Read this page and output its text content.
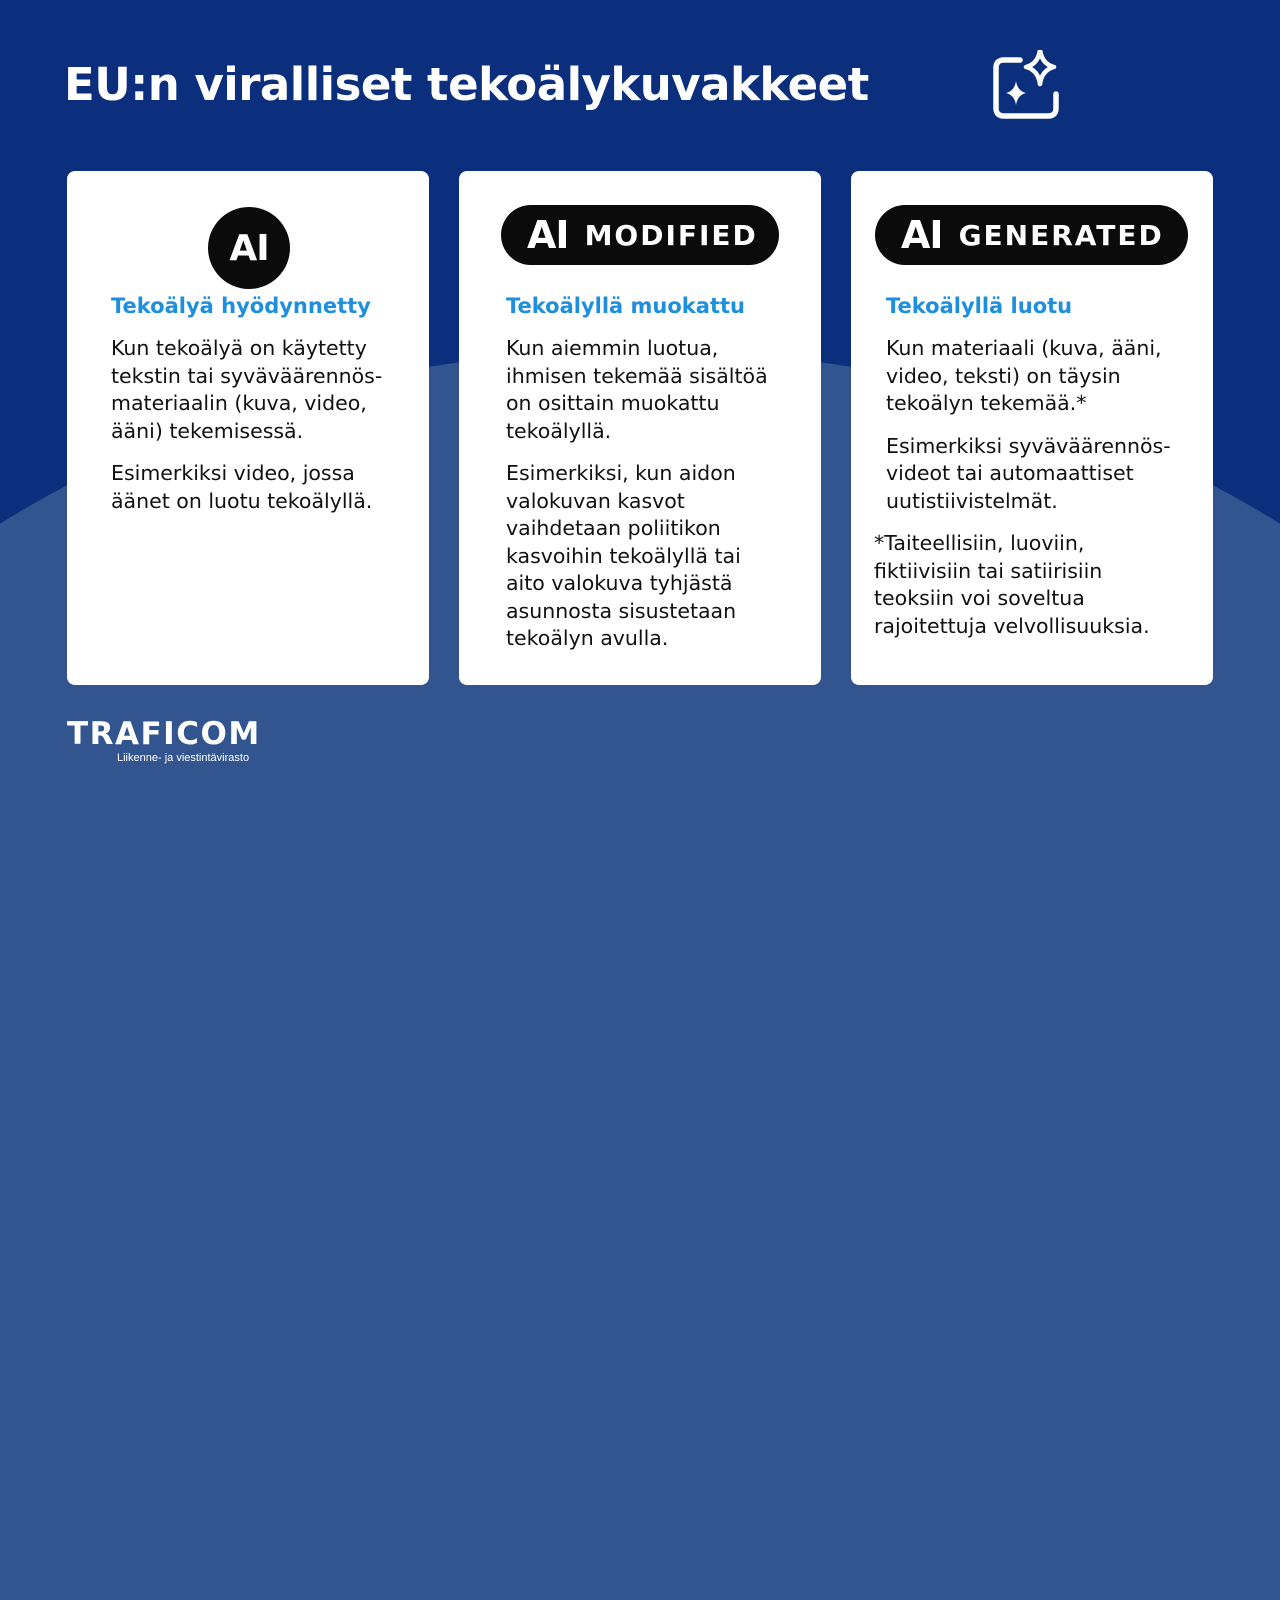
EU:n viralliset tekoälykuvakkeet
AI
Tekoälyä hyödynnetty

Kun tekoälyä on käytetty
tekstin tai syväväärennös-
materiaalin (kuva, video,
ääni) tekemisessä.

Esimerkiksi video, jossa
äänet on luotu tekoälyllä.

AI MODIFIED
Tekoälyllä muokattu

Kun aiemmin luotua,
ihmisen tekemää sisältöä
on osittain muokattu
tekoälyllä.

Esimerkiksi, kun aidon
valokuvan kasvot
vaihdetaan poliitikon
kasvoihin tekoälyllä tai
aito valokuva tyhjästä
asunnosta sisustetaan
tekoälyn avulla.

AI GENERATED
Tekoälyllä luotu

Kun materiaali (kuva, ääni,
video, teksti) on täysin
tekoälyn tekemää.*

Esimerkiksi syväväärennös-
videot tai automaattiset
uutistiivistelmät.

*Taiteellisiin, luoviin,
fiktiivisiin tai satiirisiin
teoksiin voi soveltua
rajoitettuja velvollisuuksia.

TRAFICOM
Liikenne- ja viestintävirasto
